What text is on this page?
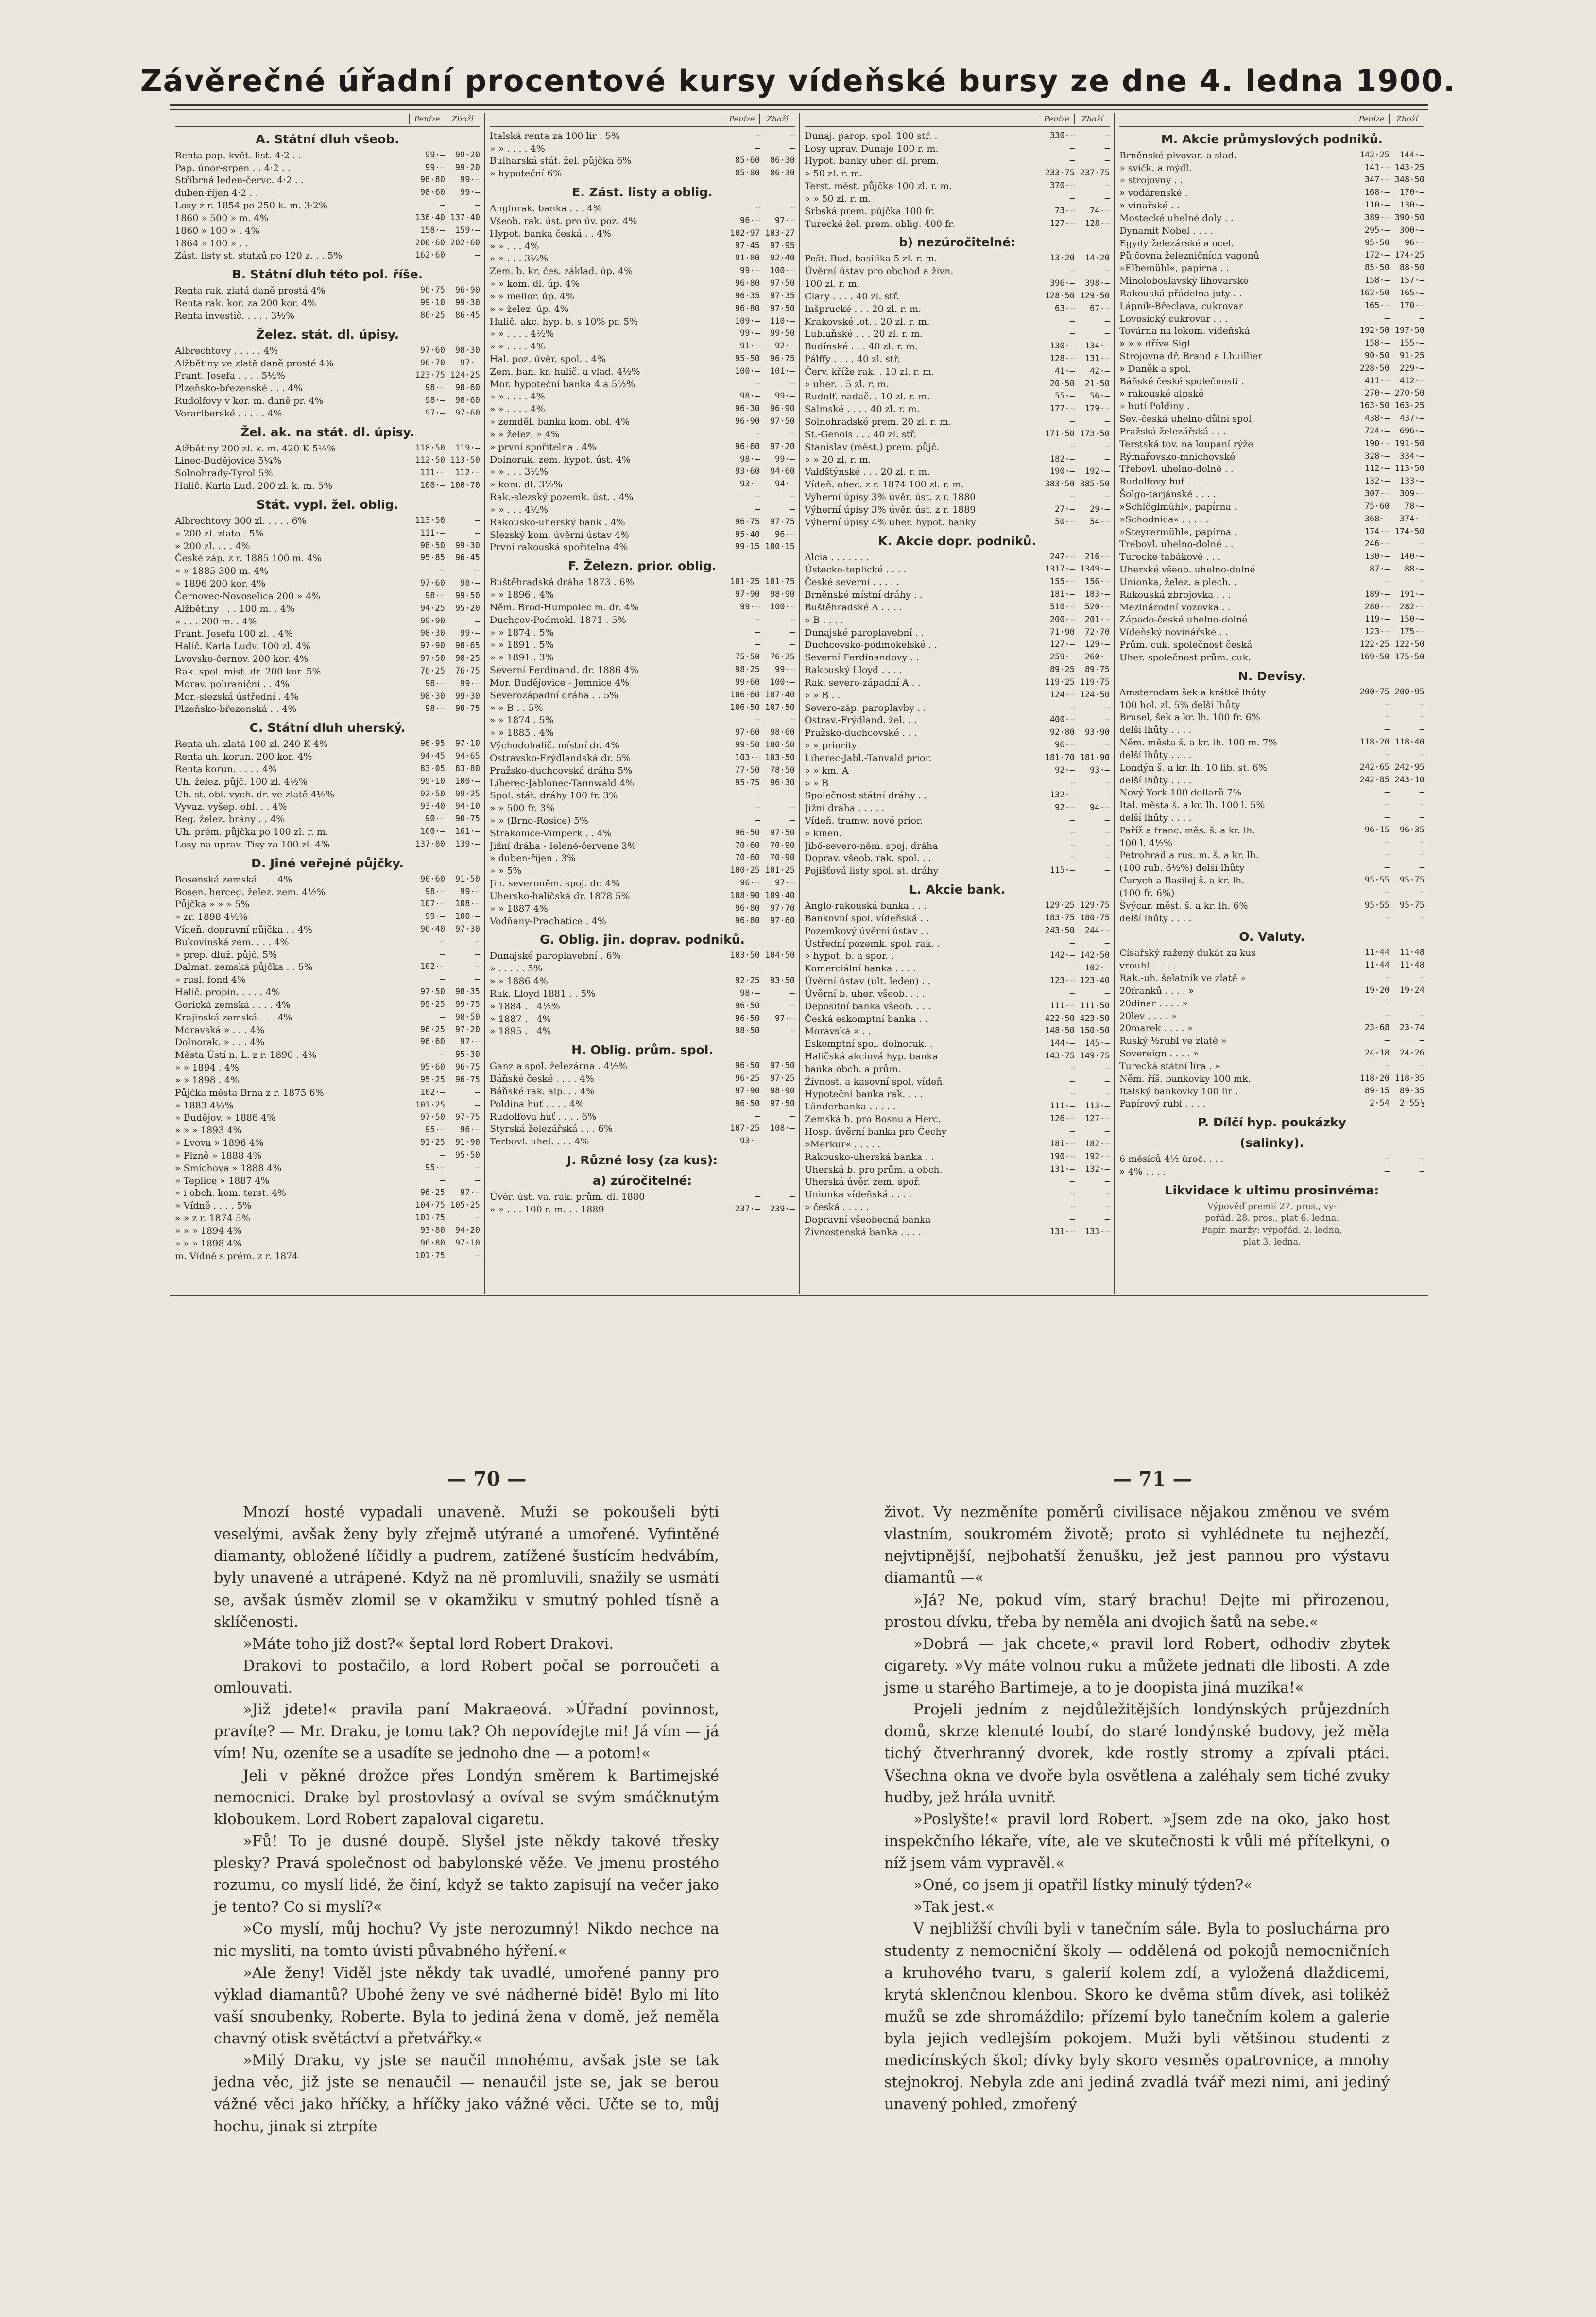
Závěrečné úřadní procentové kursy vídeňské bursy ze dne 4. ledna 1900.
Peníze	Zboží
A. Státní dluh všeob.
Renta pap. květ.-list. 4·2 . .	99·—	99·20
Pap. únor-srpen . . 4·2 . .	99·—	99·20
Stříbrná leden-červc. 4·2 . .	98·80	99·—
duben-říjen 4·2 . .	98·60	99·—
Losy z r. 1854 po 250 k. m. 3·2%	—	—
1860 » 500 » m. 4%	136·40 137·40
1860 » 100 » . 4%	158·—	159·—
1864 » 100 » . .	200·60 202·60
Zást. listy st. statků po 120 z. . . 5%	162·60	—
B. Státní dluh této pol. říše.
Renta rak. zlatá daně prostá 4%	96·75	96·90
Renta rak. kor. za 200 kor. 4%	99·10	99·30
Renta investič. . . . . 3½%	86·25	86·45
Želez. stát. dl. úpisy.
Albrechtovy . . . . . 4%	97·60	98·30
Alžbětiny ve zlatě daně prosté 4%	96·70	97·—
Frant. Josefa . . . . 5½%	123·75 124·25
Plzeňsko-březenské . . . 4%	98·—	98·60
Rudolfovy v kor. m. daně pr. 4%	98·—	98·60
Vorarlberské . . . . . 4%	97·—	97·60
Žel. ak. na stát. dl. úpisy.
Alžbětiny 200 zl. k. m. 420 K 5¼%	118·50	119·—
Linec-Budějovice 5¼%	112·50 113·50
Solnohrady-Tyrol 5%	111·—	112·—
Halič. Karla Lud. 200 zl. k. m. 5%	100·— 100·70
Stát. vypl. žel. oblig.
Albrechtovy 300 zl. . . . . 6%	113·50	—
» 200 zl. zlato . 5%	111·—	—
» 200 zl. . . . 4%	98·50	99·30
České záp. z r. 1885 100 m. 4%	95·85	96·45
» » 1885 300 m. 4%	—	—
» 1896 200 kor. 4%	97·60	98·—
Černovec-Novoselica 200 » 4%	98·—	99·50
Alžbětiny . . . 100 m. . 4%	94·25	95·20
» . . . 200 m. . 4%	99·90	—
Frant. Josefa 100 zl. . 4%	98·30	99·—
Halič. Karla Ludv. 100 zl. 4%	97·90	98·65
Lvovsko-černov. 200 kor. 4%	97·50	98·25
Rak. spol. mist. dr. 200 kor. 5%	76·25	76·75
Morav. pohraniční . . 4%	98·—	99·—
Mor.-slezská ústřední . 4%	98·30	99·30
Plzeňsko-březenská . . 4%	98·—	98·75
C. Státní dluh uherský.
Renta uh. zlatá 100 zl. 240 K 4%	96·95	97·10
Renta uh. korun. 200 kor. 4%	94·45	94·65
Renta korun. . . . . 4%	83·05	83·80
Uh. želez. půjč. 100 zl. 4½%	99·10	100·—
Uh. st. obl. vych. dr. ve zlatě 4½%	92·50	99·25
Vyvaz. vyšep. obl. . . 4%	93·40	94·10
Reg. želez. brány . . 4%	90·—	90·75
Uh. prém. půjčka po 100 zl. r. m.	160·—	161·—
Losy na uprav. Tisy za 100 zl. 4%	137·80	139·—
D. Jiné veřejné půjčky.
Bosenská zemská . . . 4%	90·60	91·50
Bosen. herceg. želez. zem. 4½%	98·—	99·—
Půjčka » » » 5%	107·—	108·—
» zr. 1898 4½%	99·—	100·—
Vídeň. dopravní půjčka . . 4%	96·40	97·30
Bukovinská zem. . . . 4%	—	—
» prep. dluž. půjč. 5%	—	—
Dalmat. zemská půjčka . . 5%	102·—	—
» rusl. fond 4%	—	—
Halič. propin. . . . . 4%	97·50	98·35
Gorická zemská . . . . 4%	99·25	99·75
Krajinská zemská . . . 4%	—	98·50
Moravská » . . . 4%	96·25	97·20
Dolnorak. » . . . 4%	96·60	97·—
Města Ústí n. L. z r. 1890 . 4%	—	95·30
» » 1894 . 4%	95·60	96·75
» » 1898 . 4%	95·25	96·75
Půjčka města Brna z r. 1875 6%	102·—	—
» 1883 4½%	101·25	—
» Budějov. » 1886 4%	97·50	97·75
» » » 1893 4%	95·—	96·—
» Lvova » 1896 4%	91·25	91·90
» Plzně » 1888 4%	—	95·50
» Smíchova » 1888 4%	95·—	—
» Teplice » 1887 4%	—	—
» i obch. kom. terst. 4%	96·25	97·—
» Vídně . . . . 5%	104·75 105·25
» » z r. 1874 5%	101·75	—
» » » 1894 4%	93·80	94·20
» » » 1898 4%	96·80	97·10
m. Vídně s prém. z r. 1874	101·75	—
Peníze	Zboží
Italská renta za 100 lir . 5%	—	—
» » . . . . 4%	—	—
Bulharská stát. žel. půjčka 6%	85·60	86·30
» hypoteční 6%	85·80	86·30
E. Zást. listy a oblig.
Anglorak. banka . . . 4%	—	—
Všeob. rak. úst. pro úv. poz. 4%	96·—	97·—
Hypot. banka česká . . 4%	102·97 103·27
» » . . . 4%	97·45	97·95
» » . . . 3½%	91·80	92·40
Zem. b. kr. čes. základ. úp. 4%	99·—	100·—
» » kom. dl. úp. 4%	96·80	97·50
» » melior. úp. 4%	96·35	97·35
» » želez. úp. 4%	96·80	97·50
Halič. akc. hyp. b. s 10% pr. 5%	109·—	110·—
» » . . . . 4½%	99·—	99·50
» » . . . . 4%	91·—	92·—
Hal. poz. úvěr. spol. . 4%	95·50	96·75
Zem. ban. kr. halič. a vlad. 4½%	100·—	101·—
Mor. hypoteční banka 4 a 5½%	—	—
» » . . . . 4%	98·—	99·—
» » . . . . 4%	96·30	96·90
» zemděl. banka kom. obl. 4%	96·90	97·50
» » želez. » 4%	—	—
» první spořitelna . 4%	96·60	97·20
Dolnorak. zem. hypot. úst. 4%	98·—	99·—
» » . . . 3½%	93·60	94·60
» kom. dl. 3½%	93·—	94·—
Rak.-slezský pozemk. úst. . 4%	—	—
» » . . . 4½%	—	—
Rakousko-uherský bank . 4%	96·75	97·75
Slezský kom. úvěrní ústav 4%	95·40	96·—
První rakouská spořitelna 4%	99·15 100·15
F. Železn. prior. oblig.
Buštěhradská dráha 1873 . 6%	101·25 101·75
» » 1896 . 4%	97·90	98·90
Něm. Brod-Humpolec m. dr. 4%	99·—	100·—
Duchcov-Podmokl. 1871 . 5%	—	—
» » 1874 . 5%	—	—
» » 1891 . 5%	—	—
» » 1891 . 3%	75·50	76·25
Severní Ferdinand. dr. 1886 4%	98·25	99·—
Mor. Budějovice - Jemnice 4%	99·60	100·—
Severozápadní dráha . . 5%	106·60 107·40
» » B . . 5%	106·50 107·50
» » 1874 . 5%	—	—
» » 1885 . 4%	97·60	98·60
Východohalič. místní dr. 4%	99·50 100·50
Ostravsko-Frýdlandská dr. 5%	103·— 103·50
Pražsko-duchcovská dráha 5%	77·50	78·50
Liberec-Jablonec-Tannwald 4%	95·75	96·30
Spol. stát. dráhy 100 fr. 3%	—	—
» » 500 fr. 3%	—	—
» » (Brno-Rosice) 5%	—	—
Strakonice-Vimperk . . 4%	96·50	97·50
Jižní dráha - Ielené-červene 3%	70·60	70·90
» duben-říjen . 3%	70·60	70·90
» » 5%	100·25 101·25
Jih. severoněm. spoj. dr. 4%	96·—	97·—
Uhersko-haličská dr. 1878 5%	108·90 109·40
» » 1887 4%	96·80	97·70
Vodňany-Prachatice . 4%	96·80	97·60
G. Oblig. jin. doprav. podniků.
Dunajské paroplavební . 6%	103·50 104·50
» . . . . . 5%	—	—
» » 1886 4%	92·25	93·50
Rak. Lloyd 1881 . . 5%	98·—	—
» 1884 . . 4½%	96·50	—
» 1887 . . 4%	96·50	97·—
» 1895 . . 4%	98·50	—
H. Oblig. prům. spol.
Ganz a spol. železárna . 4½%	96·50	97·50
Báňské české . . . . 4%	96·25	97·25
Báňské rak. alp. . . 4%	97·90	98·90
Poldina huť . . . . 4%	96·50	97·50
Rudolfova huť . . . . 6%	—	—
Styrská železářská . . . 6%	107·25	108·—
Terbovl. uhel. . . . 4%	93·—	—
J. Různé losy (za kus):
a) zúročitelné:
Úvěr. úst. va. rak. prům. dl. 1880	—	—
» » . . . 100 r. m. . . 1889	237·—	239·—
Peníze	Zboží
Dunaj. parop. spol. 100 stř. .	330·—	—
Losy uprav. Dunaje 100 r. m.	—	—
Hypot. banky uher. dl. prem.	—	—
» 50 zl. r. m.	233·75 237·75
Terst. měst. půjčka 100 zl. r. m.	370·—	—
» » 50 zl. r. m.	—	—
Srbská prem. půjčka 100 fr.	73·—	74·—
Turecké žel. prem. oblig. 400 fr.	127·—	128·—
b) nezúročitelné:
Pešt. Bud. basilika 5 zl. r. m.	13·20	14·20
Úvěrní ústav pro obchod a živn.	—	—
100 zl. r. m.	396·—	398·—
Clary . . . . 40 zl. stř.	128·50 129·50
Inšprucké . . . 20 zl. r. m.	63·—	67·—
Krakovské lot. . 20 zl. r. m.	—	—
Lublaňské . . . 20 zl. r. m.	—	—
Budínské . . . 40 zl. r. m.	130·—	134·—
Pálffy . . . . 40 zl. stř.	128·—	131·—
Červ. kříže rak. . 10 zl. r. m.	41·—	42·—
» uher. . 5 zl. r. m.	20·50	21·50
Rudolf. nadač. . 10 zl. r. m.	55·—	56·—
Salmské . . . . 40 zl. r. m.	177·—	179·—
Solnohradské prem. 20 zl. r. m.	—	—
St.-Genois . . . 40 zl. stř.	171·50 173·50
Stanislav (měst.) prem. půjč.	—	—
» » 20 zl. r. m.	182·—	—
Valdštýnské . . . 20 zl. r. m.	190·—	192·—
Vídeň. obec. z r. 1874 100 zl. r. m.	383·50 385·50
Výherní úpisy 3% úvěr. úst. z r. 1880	—	—
Výherní úpisy 3% úvěr. úst. z r. 1889	27·—	29·—
Výherní úpisy 4% uher. hypot. banky	50·—	54·—
K. Akcie dopr. podniků.
Alcia . . . . . . .	247·—	216·—
Ústecko-teplické . . . .	1317·— 1349·—
České severní . . . . .	155·—	156·—
Brněnské místní dráhy . .	181·—	183·—
Buštěhradské A . . . .	510·—	520·—
» B . . . .	200·—	201·—
Dunajské paroplavební . .	71·90	72·70
Duchcovsko-podmokelské . .	127·—	129·—
Severní Ferdinandovy . .	259·—	260·—
Rakouský Lloyd . . . .	89·25	89·75
Rak. severo-západní A . .	119·25 119·75
» » B . .	124·— 124·50
Severo-záp. paroplavby . .	—	—
Ostrav.-Frýdland. žel. . .	400·—	—
Pražsko-duchcovské . . .	92·80	93·90
» » priority	96·—	—
Liberec-Jabl.-Tanvald prior.	181·70 181·90
» » km. A	92·—	93·—
» » B	—	—
Společnost státní dráhy . .	132·—	—
Jižní dráha . . . . .	92·—	94·—
Vídeň. tramw. nové prior.	—	—
» kmen.	—	—
Jibő-severo-něm. spoj. dráha	—	—
Doprav. všeob. rak. spol. . .	—	—
Pojišťová listy spol. st. dráhy	115·—	—
L. Akcie bank.
Anglo-rakouská banka . . .	129·25 129·75
Bankovní spol. vídeňská . .	183·75 180·75
Pozemkový úvěrní ústav . .	243·50	244·—
Ústřední pozemk. spol. rak. .	—	—
» hypot. b. a spor. .	142·— 142·50
Komerciální banka . . . .	—	102·—
Úvěrní ústav (ult. leden) . .	123·— 123·40
Úvěrní b. uher. všeob. . . .	—	—
Depositní banka všeob. . . .	111·— 111·50
Česká eskomptní banka . .	422·50 423·50
Moravská » . .	148·50 150·50
Eskomptní spol. dolnorak. .	144·—	145·—
Haličská akciová hyp. banka	143·75 149·75
banka obch. a prům.	—	—
Živnost. a kasovní spol. vídeň.	—	—
Hypoteční banka rak. . . .	—	—
Länderbanka . . . . .	111·—	113·—
Zemská b. pro Bosnu a Herc.	126·—	127·—
Hosp. úvěrní banka pro Čechy	—	—
»Merkur« . . . . .	181·—	182·—
Rakousko-uherská banka . .	190·—	192·—
Uherská b. pro prům. a obch.	131·—	132·—
Uherská úvěr. zem. spoř.	—	—
Unionka vídeňská . . . .	—	—
» česká . . . . .	—	—
Dopravní všeobecná banka	—	—
Živnostenská banka . . . .	131·—	133·—
Peníze	Zboží
M. Akcie průmyslových podniků.
Brněnské pivovar. a slad.	142·25	144·—
» svíčk. a mýdl.	141·— 143·25
» strojovny . .	347·— 348·50
» vodárenské .	168·—	170·—
» vinařské . .	110·—	130·—
Mostecké uhelné doly . .	389·— 390·50
Dynamit Nobel . . . .	295·—	300·—
Egydy železárské a ocel.	95·50	96·—
Půjčovna železničních vagonů	172·— 174·25
»Elbemühl«, papírna . .	85·50	88·50
Minoloboslavský lihovarské	158·—	157·—
Rakouská přádelna juty . .	162·50	165·—
Lápník-Břeclava, cukrovar	165·—	170·—
Lovosický cukrovar . . .	—	—
Továrna na lokom. vídeňská	192·50 197·50
» » » dříve Sigl	158·—	155·—
Strojovna dř. Brand a Lhuillier	90·50	91·25
» Daněk a spol.	228·50	229·—
Báňské české společnosti .	411·—	412·—
» rakouské alpské	270·— 270·50
» hutí Poldiny .	163·50 163·25
Sev.-česká uhelno-důlní spol.	438·—	437·—
Pražská železářská . . .	724·—	696·—
Terstská tov. na loupaní rýže	190·— 191·50
Rýmařovsko-mnichovské	328·—	334·—
Třebovl. uhelno-dolné . .	112·— 113·50
Rudolfovy huť . . . .	132·—	133·—
Šolgo-tarjánské . . . .	307·—	309·—
»Schlöglmühl«, papírna .	75·60	78·—
»Schodnica« . . . . .	368·—	374·—
»Steyrermühl«, papírna .	174·— 174·50
Trebovl. uhelno-dolné . .	246·—	—
Turecké tabákové . . .	130·—	140·—
Uherské všeob. uhelno-dolné	87·—	88·—
Unionka, želez. a plech. .	—	—
Rakouská zbrojovka . . .	189·—	191·—
Mezinárodní vozovka . .	280·—	282·—
Západo-české uhelno-dolné	119·—	150·—
Vídeňský novinářské . .	123·—	175·—
Prům. cuk. společnost česká	122·25 122·50
Uher. společnost prům. cuk.	169·50 175·50
N. Devisy.
Amsterodam šek a krátké lhůty	200·75 200·95
100 hol. zl. 5% delší lhůty	—	—
Brusel, šek a kr. lh. 100 fr. 6%	—	—
delší lhůty . . . .	—	—
Něm. města š. a kr. lh. 100 m. 7%	118·20 118·40
delší lhůty . . . .	—	—
Londýn š. a kr. lh. 10 lib. st. 6%	242·65 242·95
delší lhůty . . . .	242·85 243·10
Nový York 100 dollarů 7%	—	—
Ital. města š. a kr. lh. 100 l. 5%	—	—
delší lhůty . . . .	—	—
Paříž a franc. měs. š. a kr. lh.	96·15	96·35
100 l. 4½%	—	—
Petrohrad a rus. m. š. a kr. lh.	—	—
(100 rub. 6½%) delší lhůty	—	—
Curych a Basilej š. a kr. lh.	95·55	95·75
(100 fr. 6%)	—	—
Švýcar. měst. š. a kr. lh. 6%	95·55	95·75
delší lhůty . . . .	—	—
O. Valuty.
Císařský ražený dukát za kus	11·44	11·48
vrouhl. . . . .	11·44	11·48
Rak.-uh. šelatník ve zlatě »	—	—
20franků . . . . »	19·20	19·24
20dinar . . . . »	—	—
20lev . . . . »	—	—
20marek . . . . »	23·68	23·74
Ruský ½rubl ve zlatě »	—	—
Sovereign . . . . »	24·18	24·26
Turecká státní líra . »	—	—
Něm. říš. bankovky 100 mk.	118·20 118·35
Italský bankovky 100 lir .	89·15	89·35
Papírový rubl . . . .	2·54	2·55½
P. Dílčí hyp. poukázky
(salinky).
6 měsíců 4½ úroč. . . .	—	—
» 4% . . . .	—	—
Likvidace k ultimu prosinvéma:
Výpověď premií 27. pros., vy-
pořád. 28. pros., plat 6. ledna.
Papír. maržy: výpořád. 2. ledna,
plat 3. ledna.
— 70 —	— 71 —

Mnozí hosté vypadali unaveně. Muži se pokoušeli býti veselými, avšak ženy byly zřejmě utýrané a umořené. Vyfintěné diamanty, obložené líčidly a pudrem, zatížené šustícím hedvábím, byly unavené a utrápené. Když na ně promluvili, snažily se usmáti se, avšak úsměv zlomil se v okamžiku v smutný pohled tísně a sklíčenosti.

»Máte toho již dost?« šeptal lord Robert Drakovi.

Drakovi to postačilo, a lord Robert počal se porroučeti a omlouvati.

»Již jdete!« pravila paní Makraeová. »Úřadní povinnost, pravíte? — Mr. Draku, je tomu tak? Oh nepovídejte mi! Já vím — já vím! Nu, ozeníte se a usadíte se jednoho dne — a potom!«

Jeli v pěkné drožce přes Londýn směrem k Bartimejské nemocnici. Drake byl prostovlasý a ovíval se svým smáčknutým kloboukem. Lord Robert zapaloval cigaretu.

»Fů! To je dusné doupě. Slyšel jste někdy takové třesky plesky? Pravá společnost od babylonské věže. Ve jmenu prostého rozumu, co myslí lidé, že činí, když se takto zapisují na večer jako je tento? Co si myslí?«

»Co myslí, můj hochu? Vy jste nerozumný! Nikdo nechce na nic mysliti, na tomto úvisti půvabného hýření.«

»Ale ženy! Viděl jste někdy tak uvadlé, umořené panny pro výklad diamantů? Ubohé ženy ve své nádherné bídě! Bylo mi líto vaší snoubenky, Roberte. Byla to jediná žena v domě, jež neměla chavný otisk světáctví a přetvářky.«

»Milý Draku, vy jste se naučil mnohému, avšak jste se tak jedna věc, již jste se nenaučil — nenaučil jste se, jak se berou vážné věci jako hříčky, a hříčky jako vážné věci. Učte se to, můj hochu, jinak si ztrpíte

život. Vy nezměníte poměrů civilisace nějakou změnou ve svém vlastním, soukromém životě; proto si vyhlédnete tu nejhezčí, nejvtipnější, nejbohatší ženušku, jež jest pannou pro výstavu diamantů —«

»Já? Ne, pokud vím, starý brachu! Dejte mi přirozenou, prostou dívku, třeba by neměla ani dvojich šatů na sebe.«

»Dobrá — jak chcete,« pravil lord Robert, odhodiv zbytek cigarety. »Vy máte volnou ruku a můžete jednati dle libosti. A zde jsme u starého Bartimeje, a to je doopista jiná muzika!«

Projeli jedním z nejdůležitějších londýnských průjezdních domů, skrze klenuté loubí, do staré londýnské budovy, jež měla tichý čtverhranný dvorek, kde rostly stromy a zpívali ptáci. Všechna okna ve dvoře byla osvětlena a zaléhaly sem tiché zvuky hudby, jež hrála uvnitř.

»Poslyšte!« pravil lord Robert. »Jsem zde na oko, jako host inspekčního lékaře, víte, ale ve skutečnosti k vůli mé přítelkyni, o níž jsem vám vypravěl.«

»Oné, co jsem ji opatřil lístky minulý týden?«

»Tak jest.«

V nejbližší chvíli byli v tanečním sále. Byla to posluchárna pro studenty z nemocniční školy — oddělená od pokojů nemocničních a kruhového tvaru, s galerií kolem zdí, a vyložená dlaždicemi, krytá sklenčnou klenbou. Skoro ke dvěma stům dívek, asi tolikéž mužů se zde shromáždilo; přízemí bylo tanečním kolem a galerie byla jejich vedlejším pokojem. Muži byli většinou studenti z medicínských škol; dívky byly skoro vesměs opatrovnice, a mnohy stejnokroj. Nebyla zde ani jediná zvadlá tvář mezi nimi, ani jediný unavený pohled, zmořený
